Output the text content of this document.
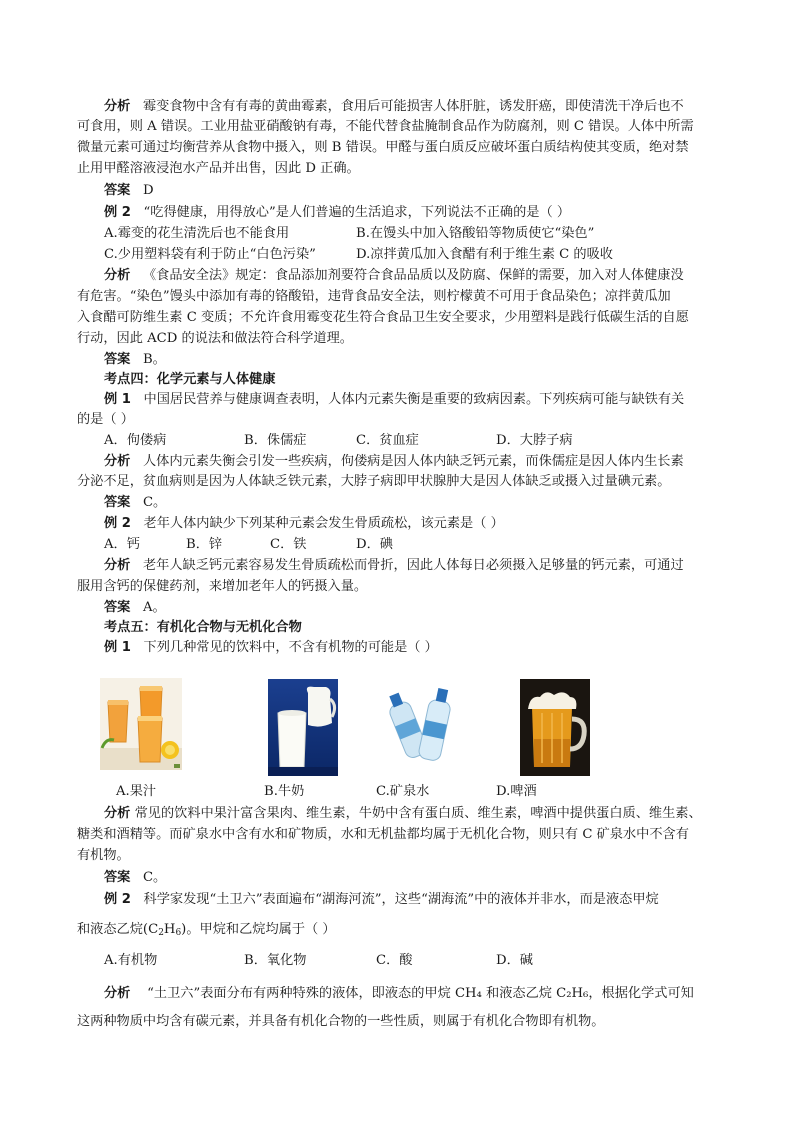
分析 霉变食物中含有有毒的黄曲霉素，食用后可能损害人体肝脏，诱发肝癌，即使清洗干净后也不
可食用，则 A 错误。工业用盐亚硝酸钠有毒，不能代替食盐腌制食品作为防腐剂，则 C 错误。人体中所需
微量元素可通过均衡营养从食物中摄入，则 B 错误。甲醛与蛋白质反应破坏蛋白质结构使其变质，绝对禁
止用甲醛溶液浸泡水产品并出售，因此 D 正确。
答案 D
例 2 “吃得健康，用得放心”是人们普遍的生活追求，下列说法不正确的是（ ）
A.霉变的花生清洗后也不能食用	B.在馒头中加入铬酸铅等物质使它“染色”
C.少用塑料袋有利于防止“白色污染”	D.凉拌黄瓜加入食醋有利于维生素 C 的吸收
分析 《食品安全法》规定：食品添加剂要符合食品品质以及防腐、保鲜的需要，加入对人体健康没
有危害。“染色”馒头中添加有毒的铬酸铅，违背食品安全法，则柠檬黄不可用于食品染色；凉拌黄瓜加
入食醋可防维生素 C 变质；不允许食用霉变花生符合食品卫生安全要求，少用塑料是践行低碳生活的自愿
行动，因此 ACD 的说法和做法符合科学道理。
答案 B。
考点四：化学元素与人体健康
例 1 中国居民营养与健康调查表明，人体内元素失衡是重要的致病因素。下列疾病可能与缺铁有关
的是（ ）
A．佝偻病	B．侏儒症	C．贫血症	D．大脖子病
分析 人体内元素失衡会引发一些疾病，佝偻病是因人体内缺乏钙元素，而侏儒症是因人体内生长素
分泌不足，贫血病则是因为人体缺乏铁元素，大脖子病即甲状腺肿大是因人体缺乏或摄入过量碘元素。
答案 C。
例 2 老年人体内缺少下列某种元素会发生骨质疏松，该元素是（ ）
A．钙	B．锌	C．铁	D．碘
分析 老年人缺乏钙元素容易发生骨质疏松而骨折，因此人体每日必须摄入足够量的钙元素，可通过
服用含钙的保健药剂，来增加老年人的钙摄入量。
答案 A。
考点五：有机化合物与无机化合物
例 1 下列几种常见的饮料中，不含有机物的可能是（ ）
A.果汁	B.牛奶	C.矿泉水	D.啤酒
分析 常见的饮料中果汁富含果肉、维生素，牛奶中含有蛋白质、维生素，啤酒中提供蛋白质、维生素、
糖类和酒精等。而矿泉水中含有水和矿物质，水和无机盐都均属于无机化合物，则只有 C 矿泉水中不含有
有机物。
答案 C。
例 2 科学家发现“土卫六”表面遍布“湖海河流”，这些“湖海流”中的液体并非水，而是液态甲烷
和液态乙烷$(C_2H_6)$。甲烷和乙烷均属于（ ）
A.有机物	B．氧化物	C．酸	D．碱
分析 “土卫六”表面分布有两种特殊的液体，即液态的甲烷 CH₄ 和液态乙烷 C₂H₆，根据化学式可知
这两种物质中均含有碳元素，并具备有机化合物的一些性质，则属于有机化合物即有机物。
